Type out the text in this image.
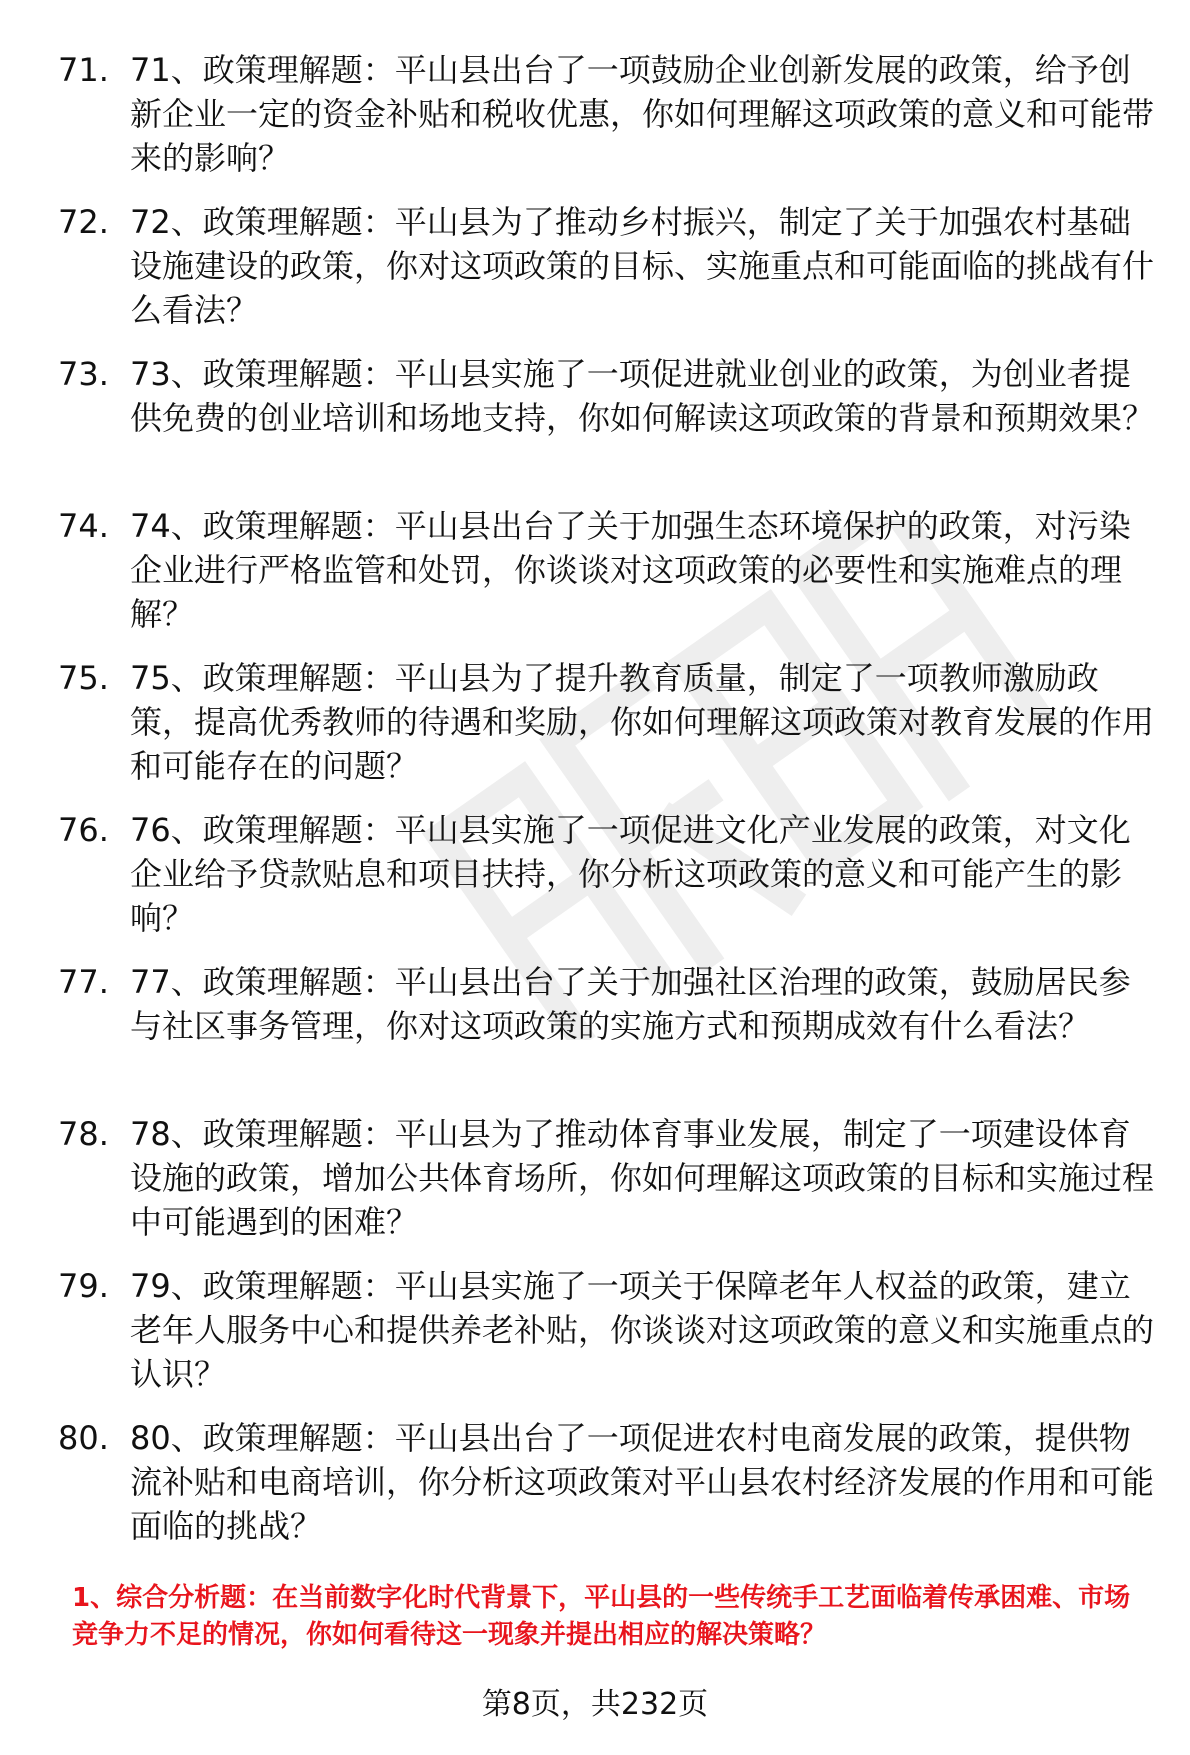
71. 71、政策理解题：平山县出台了一项鼓励企业创新发展的政策，给予创新企业一定的资金补贴和税收优惠，你如何理解这项政策的意义和可能带来的影响？
72. 72、政策理解题：平山县为了推动乡村振兴，制定了关于加强农村基础设施建设的政策，你对这项政策的目标、实施重点和可能面临的挑战有什么看法？
73. 73、政策理解题：平山县实施了一项促进就业创业的政策，为创业者提供免费的创业培训和场地支持，你如何解读这项政策的背景和预期效果？
74. 74、政策理解题：平山县出台了关于加强生态环境保护的政策，对污染企业进行严格监管和处罚，你谈谈对这项政策的必要性和实施难点的理解？
75. 75、政策理解题：平山县为了提升教育质量，制定了一项教师激励政策，提高优秀教师的待遇和奖励，你如何理解这项政策对教育发展的作用和可能存在的问题？
76. 76、政策理解题：平山县实施了一项促进文化产业发展的政策，对文化企业给予贷款贴息和项目扶持，你分析这项政策的意义和可能产生的影响？
77. 77、政策理解题：平山县出台了关于加强社区治理的政策，鼓励居民参与社区事务管理，你对这项政策的实施方式和预期成效有什么看法？
78. 78、政策理解题：平山县为了推动体育事业发展，制定了一项建设体育设施的政策，增加公共体育场所，你如何理解这项政策的目标和实施过程中可能遇到的困难？
79. 79、政策理解题：平山县实施了一项关于保障老年人权益的政策，建立老年人服务中心和提供养老补贴，你谈谈对这项政策的意义和实施重点的认识？
80. 80、政策理解题：平山县出台了一项促进农村电商发展的政策，提供物流补贴和电商培训，你分析这项政策对平山县农村经济发展的作用和可能面临的挑战？

1、综合分析题：在当前数字化时代背景下，平山县的一些传统手工艺面临着传承困难、市场竞争力不足的情况，你如何看待这一现象并提出相应的解决策略？

第8页，共232页
